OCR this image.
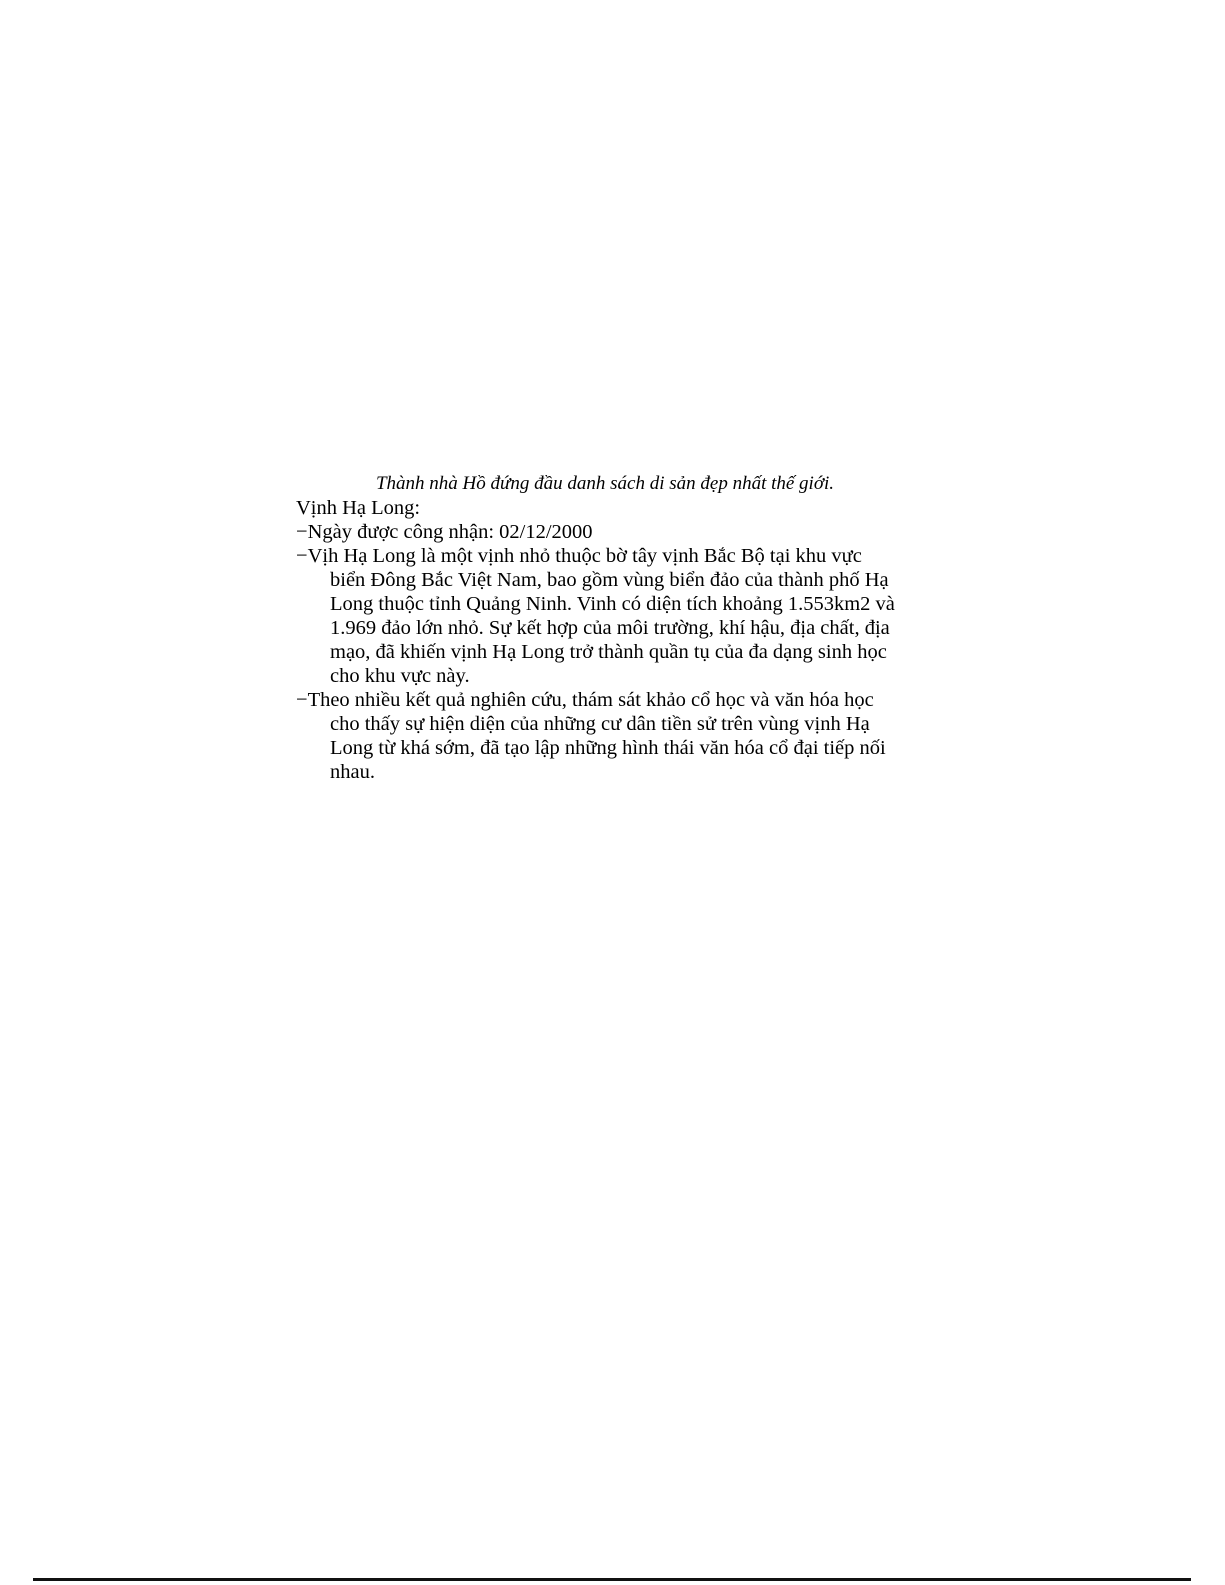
Thành nhà Hồ đứng đầu danh sách di sản đẹp nhất thế giới.
Vịnh Hạ Long:
−Ngày được công nhận: 02/12/2000
−Vịh Hạ Long là một vịnh nhỏ thuộc bờ tây vịnh Bắc Bộ tại khu vực
biển Đông Bắc Việt Nam, bao gồm vùng biển đảo của thành phố Hạ
Long thuộc tỉnh Quảng Ninh. Vinh có diện tích khoảng 1.553km2 và
1.969 đảo lớn nhỏ. Sự kết hợp của môi trường, khí hậu, địa chất, địa
mạo, đã khiến vịnh Hạ Long trở thành quần tụ của đa dạng sinh học
cho khu vực này.
−Theo nhiều kết quả nghiên cứu, thám sát khảo cổ học và văn hóa học
cho thấy sự hiện diện của những cư dân tiền sử trên vùng vịnh Hạ
Long từ khá sớm, đã tạo lập những hình thái văn hóa cổ đại tiếp nối
nhau.
